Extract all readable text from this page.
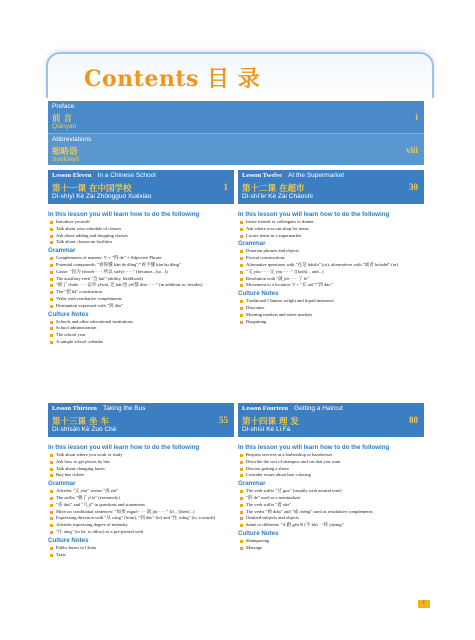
Contents 目 录
Preface
前 言
Qiányán
i
Abbreviations
缩略语
Suōlüèyǔ
viii
Lesson Eleven In a Chinese School
第十一课 在中国学校
Dì-shíyī Kè Zài Zhōngguó Xuéxiào
1
In this lesson you will learn how to do the following
Introduce yourself
Talk about your schedule of classes
Ask about adding and dropping classes
Talk about classroom facilities
Grammar
Complements of manner: V + "得 de" + Adjective Phrase
Potential compounds: "看得懂 kàn de dǒng"/"看不懂 kàn bu dǒng"
Cause: "因为 yīnwèi······所以 suǒyǐ······" (because...[so...])
The auxiliary verb "会 huì" (ability, likelihood)
"除了 chúle······以外 yǐwài, 还 hái/也 yě/都 dōu······" (in addition to; besides)
The "把 bǎ" construction
Verbs with resultative complements
Destination expressed with "到 dào"
Culture Notes
Schools and other educational institutions
School administration
The school year
A sample school calendar
Lesson Twelve At the Supermarket
第十二课 在超市
Dì-shí'èr Kè Zài Chāoshì
30
In this lesson you will learn how to do the following
Invite friends or colleagues to dinner
Ask where you can shop for items
Locate items in a supermarket
Grammar
Duration phrases and objects
Pivotal constructions
Alternative questions with "还是 háishi" (or); alternatives with "或者 huòzhě" (or)
"又 yòu······又 yòu······" ([both]... and...)
Resolution with "就 jiù······了 le"
Movement to a location: V + "在 zài"/"到 dào"
Culture Notes
Traditional Chinese weight and liquid measures
Discounts
Morning markets and street markets
Bargaining
Lesson Thirteen Taking the Bus
第十三课 坐 车
Dì-shísān Kè Zuò Chē
55
In this lesson you will learn how to do the following
Talk about where you work or study
Ask how to get places by bus
Talk about changing buses
Buy bus tickets
Grammar
Adverbs "又 yòu" versus "再 zài"
The suffix "极了 jí le" (extremely)
"多 duō" and "几 jǐ" in questions and statements
More on conditional sentences: "如果 rúguǒ······就 jiù······" (if... [then]...)
Expressing direction with "从 cóng" (from), "到 dào" (to) and "往 wǎng" (to, towards)
Adverbs expressing degree of intensity
"让 ràng" (to let, to allow) as a pre-pivotal verb
Culture Notes
Public buses in China
Taxis
Lesson Fourteen Getting a Haircut
第十四课 理 发
Dì-shísì Kè Lǐ Fà
80
In this lesson you will learn how to do the following
Request services at a barbershop or hairdresser
Describe the sort of shampoo and cut that you want
Discuss getting a shave
Consider issues about hair coloring
Grammar
The verb suffix "过 guo" (usually with neutral tone)
"的 de" used as a nominalizer
The verb suffix "着 zhe"
The verbs "掉 diào" and "成 chéng" used as resultative complements
Omitted subjects and objects
Same or different: "A 跟 gēn B (不 bù) 一样 yíyàng"
Culture Notes
Shampooing
Massage
i
